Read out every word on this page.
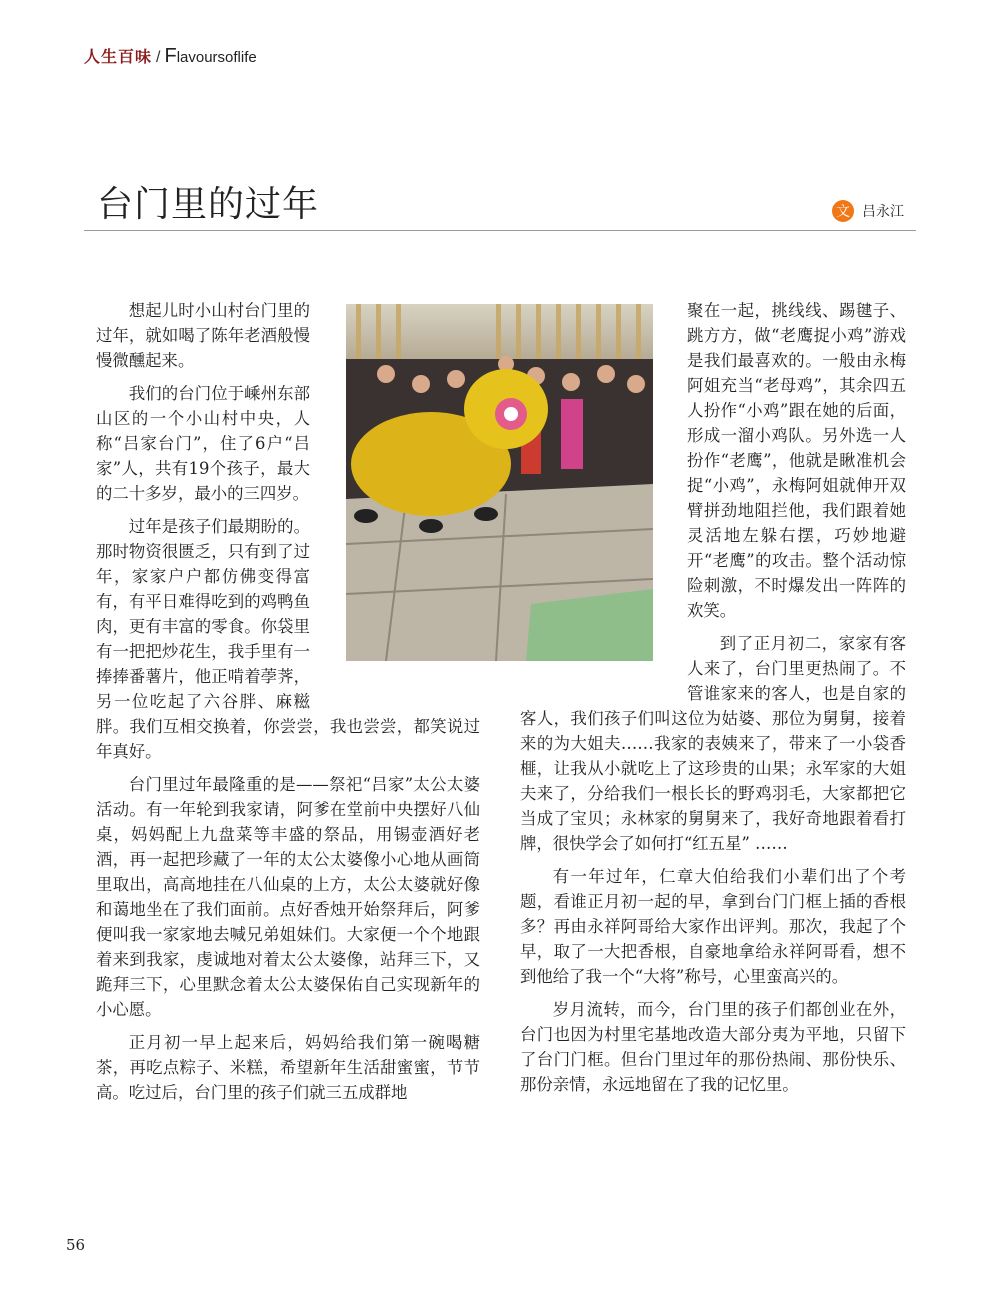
人生百味 / Flavoursoflife
台门里的过年	文 吕永江

想起儿时小山村台门里的过年，就如喝了陈年老酒般慢慢微醺起来。

我们的台门位于嵊州东部山区的一个小山村中央，人称“吕家台门”，住了6户“吕家”人，共有19个孩子，最大的二十多岁，最小的三四岁。

过年是孩子们最期盼的。那时物资很匮乏，只有到了过年，家家户户都仿佛变得富有，有平日难得吃到的鸡鸭鱼肉，更有丰富的零食。你袋里有一把把炒花生，我手里有一捧捧番薯片，他正啃着荸荠，另一位吃起了六谷胖、麻糍胖。我们互相交换着，你尝尝，我也尝尝，都笑说过年真好。

台门里过年最隆重的是——祭祀“吕家”太公太婆活动。有一年轮到我家请，阿爹在堂前中央摆好八仙桌，妈妈配上九盘菜等丰盛的祭品，用锡壶酒好老酒，再一起把珍藏了一年的太公太婆像小心地从画筒里取出，高高地挂在八仙桌的上方，太公太婆就好像和蔼地坐在了我们面前。点好香烛开始祭拜后，阿爹便叫我一家家地去喊兄弟姐妹们。大家便一个个地跟着来到我家，虔诚地对着太公太婆像，站拜三下，又跪拜三下，心里默念着太公太婆保佑自己实现新年的小心愿。

正月初一早上起来后，妈妈给我们第一碗喝糖茶，再吃点粽子、米糕，希望新年生活甜蜜蜜，节节高。吃过后，台门里的孩子们就三五成群地

聚在一起，挑线线、踢毽子、跳方方，做“老鹰捉小鸡”游戏是我们最喜欢的。一般由永梅阿姐充当“老母鸡”，其余四五人扮作“小鸡”跟在她的后面，形成一溜小鸡队。另外选一人扮作“老鹰”，他就是瞅准机会捉“小鸡”，永梅阿姐就伸开双臂拼劲地阻拦他，我们跟着她灵活地左躲右摆，巧妙地避开“老鹰”的攻击。整个活动惊险刺激，不时爆发出一阵阵的欢笑。

到了正月初二，家家有客人来了，台门里更热闹了。不管谁家来的客人，也是自家的客人，我们孩子们叫这位为姑婆、那位为舅舅，接着来的为大姐夫……我家的表姨来了，带来了一小袋香榧，让我从小就吃上了这珍贵的山果；永军家的大姐夫来了，分给我们一根长长的野鸡羽毛，大家都把它当成了宝贝；永林家的舅舅来了，我好奇地跟着看打牌，很快学会了如何打“红五星” ……

有一年过年，仁章大伯给我们小辈们出了个考题，看谁正月初一起的早，拿到台门门框上插的香根多？再由永祥阿哥给大家作出评判。那次，我起了个早，取了一大把香根，自豪地拿给永祥阿哥看，想不到他给了我一个“大将”称号，心里蛮高兴的。

岁月流转，而今，台门里的孩子们都创业在外，台门也因为村里宅基地改造大部分夷为平地，只留下了台门门框。但台门里过年的那份热闹、那份快乐、那份亲情，永远地留在了我的记忆里。

56
